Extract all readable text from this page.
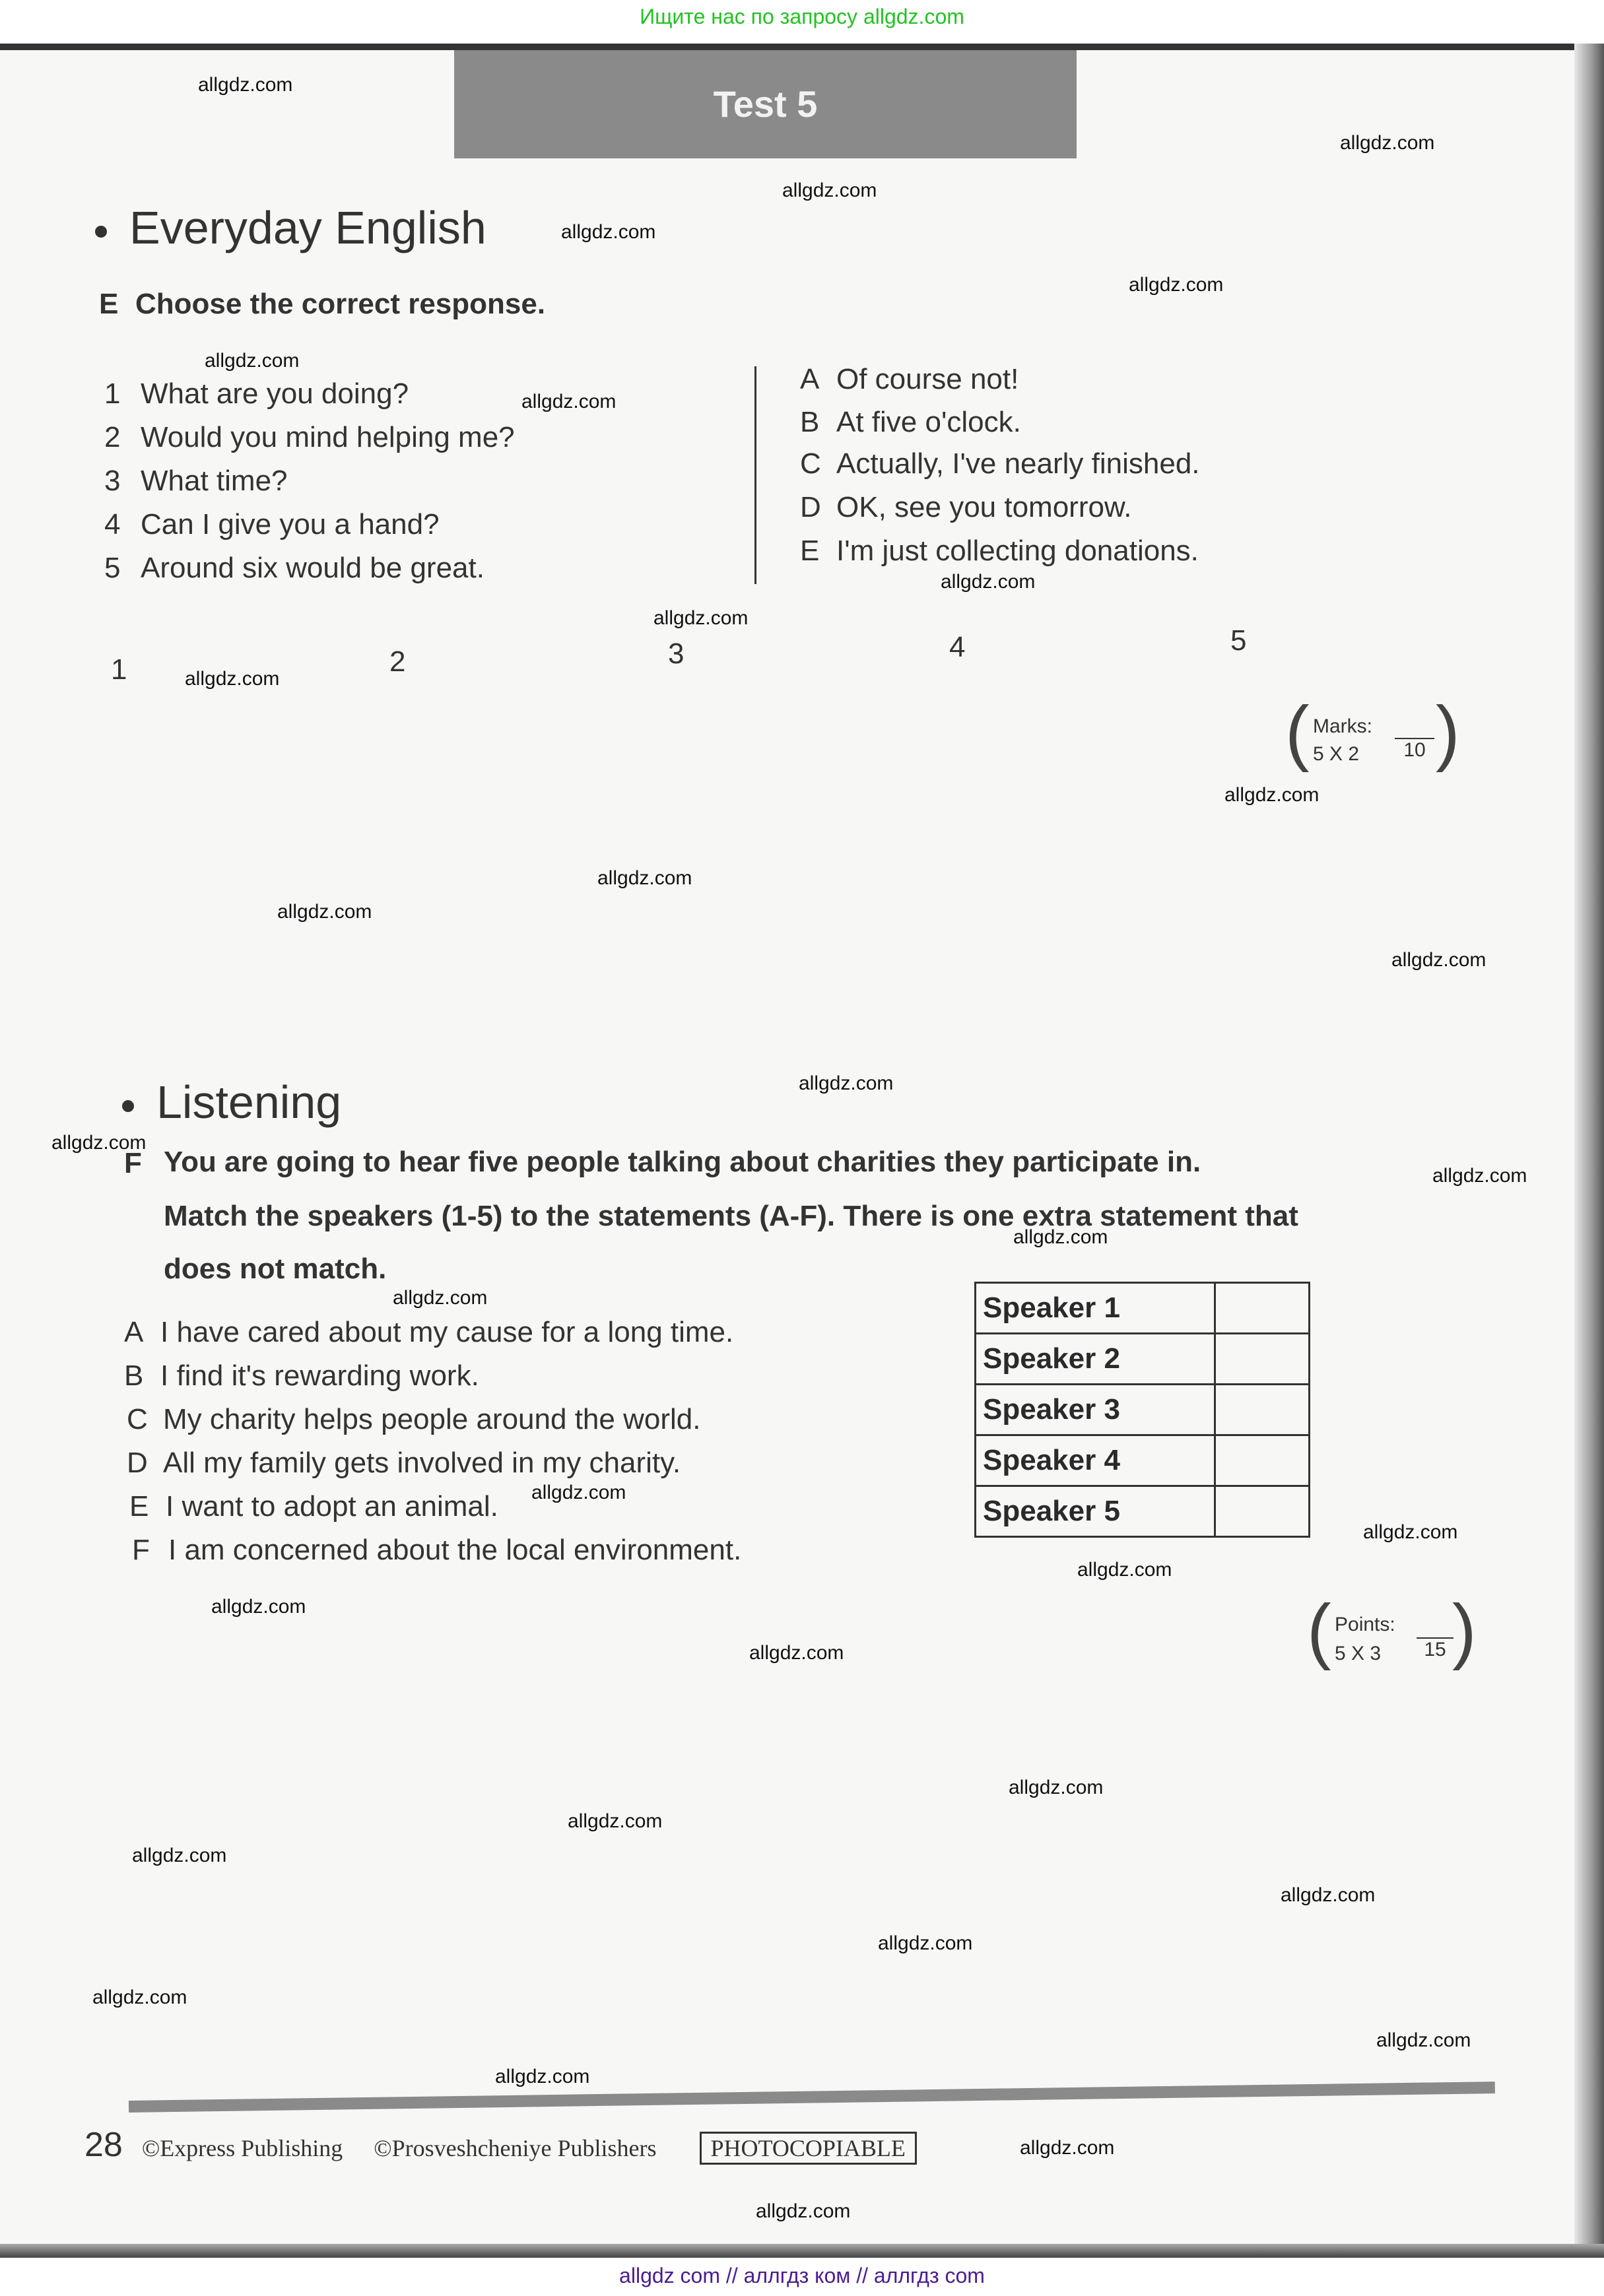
Ищите нас по запросу allgdz.com
Test 5
Everyday English
E Choose the correct response.
1 What are you doing?
2 Would you mind helping me?
3 What time?
4 Can I give you a hand?
5 Around six would be great.
A Of course not!
B At five o'clock.
C Actually, I've nearly finished.
D OK, see you tomorrow.
E I'm just collecting donations.
1	2	3	4	5
( Marks:
5 X 2	10 )
Listening
F You are going to hear five people talking about charities they participate in.
Match the speakers (1-5) to the statements (A-F). There is one extra statement that
does not match.
A I have cared about my cause for a long time.
B I find it's rewarding work.
C My charity helps people around the world.
D All my family gets involved in my charity.
E I want to adopt an animal.
F I am concerned about the local environment.
Speaker 1	
Speaker 2	
Speaker 3	
Speaker 4	
Speaker 5	
( Points:
5 X 3	15 )
28 ©Express Publishing ©Prosveshcheniye Publishers PHOTOCOPIABLE
allgdz.com
allgdz.com
allgdz.com
allgdz.com
allgdz.com
allgdz.com
allgdz.com
allgdz.com
allgdz.com
allgdz.com
allgdz.com
allgdz.com
allgdz.com
allgdz.com
allgdz.com
allgdz.com
allgdz.com
allgdz.com
allgdz.com
allgdz.com
allgdz.com
allgdz.com
allgdz.com
allgdz.com
allgdz.com
allgdz.com
allgdz.com
allgdz.com
allgdz.com
allgdz.com
allgdz.com
allgdz.com
allgdz.com
allgdz.com
allgdz com // аллгдз ком // аллгдз com
